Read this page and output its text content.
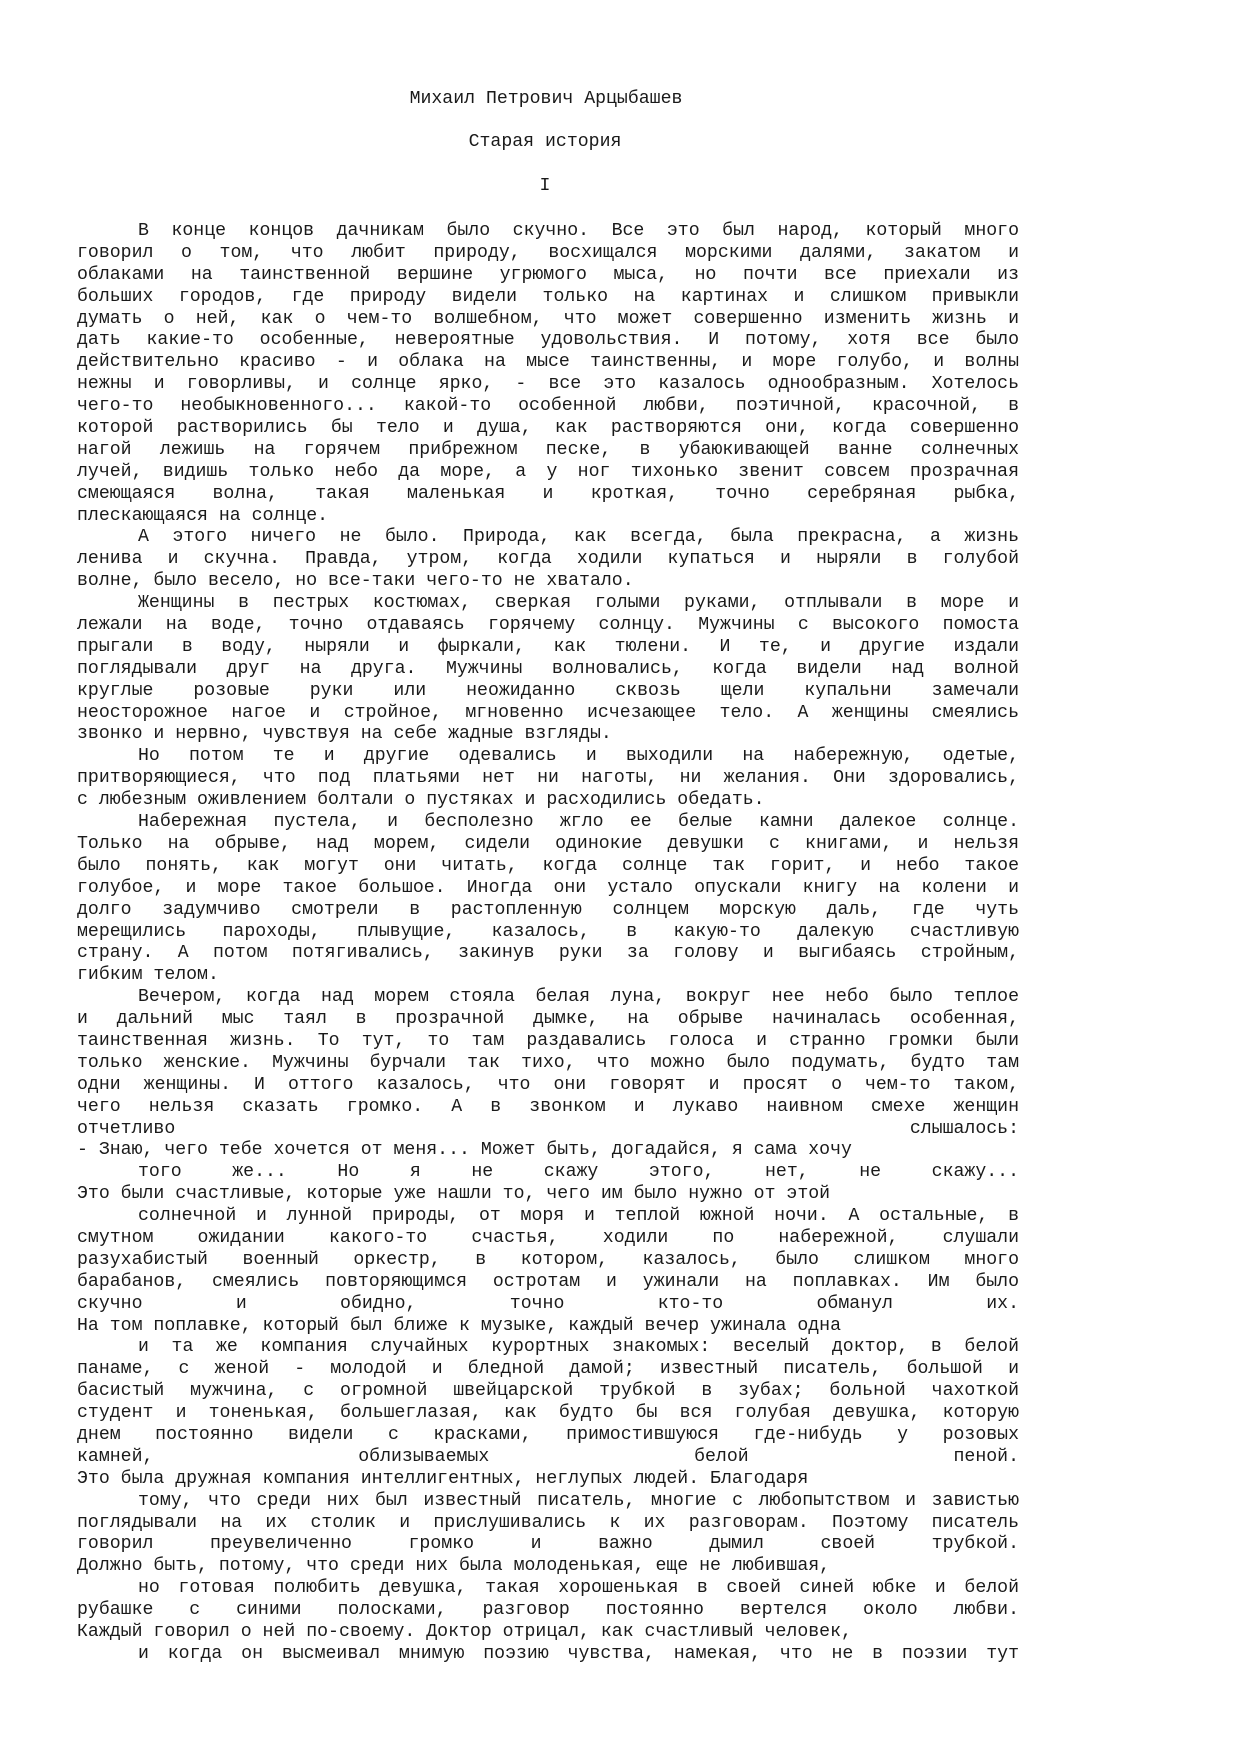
Михаил Петрович Арцыбашев
Старая история
I
В конце концов дачникам было скучно. Все это был народ, который много
говорил о том, что любит природу, восхищался морскими далями, закатом и
облаками на таинственной вершине угрюмого мыса, но почти все приехали из
больших городов, где природу видели только на картинах и слишком привыкли
думать о ней, как о чем-то волшебном, что может совершенно изменить жизнь и
дать какие-то особенные, невероятные удовольствия. И потому, хотя все было
действительно красиво - и облака на мысе таинственны, и море голубо, и волны
нежны и говорливы, и солнце ярко, - все это казалось однообразным. Хотелось
чего-то необыкновенного... какой-то особенной любви, поэтичной, красочной, в
которой растворились бы тело и душа, как растворяются они, когда совершенно
нагой лежишь на горячем прибрежном песке, в убаюкивающей ванне солнечных
лучей, видишь только небо да море, а у ног тихонько звенит совсем прозрачная
смеющаяся волна, такая маленькая и кроткая, точно серебряная рыбка,
плескающаяся на солнце.
А этого ничего не было. Природа, как всегда, была прекрасна, а жизнь
ленива и скучна. Правда, утром, когда ходили купаться и ныряли в голубой
волне, было весело, но все-таки чего-то не хватало.
Женщины в пестрых костюмах, сверкая голыми руками, отплывали в море и
лежали на воде, точно отдаваясь горячему солнцу. Мужчины с высокого помоста
прыгали в воду, ныряли и фыркали, как тюлени. И те, и другие издали
поглядывали друг на друга. Мужчины волновались, когда видели над волной
круглые розовые руки или неожиданно сквозь щели купальни замечали
неосторожное нагое и стройное, мгновенно исчезающее тело. А женщины смеялись
звонко и нервно, чувствуя на себе жадные взгляды.
Но потом те и другие одевались и выходили на набережную, одетые,
притворяющиеся, что под платьями нет ни наготы, ни желания. Они здоровались,
с любезным оживлением болтали о пустяках и расходились обедать.
Набережная пустела, и бесполезно жгло ее белые камни далекое солнце.
Только на обрыве, над морем, сидели одинокие девушки с книгами, и нельзя
было понять, как могут они читать, когда солнце так горит, и небо такое
голубое, и море такое большое. Иногда они устало опускали книгу на колени и
долго задумчиво смотрели в растопленную солнцем морскую даль, где чуть
мерещились пароходы, плывущие, казалось, в какую-то далекую счастливую
страну. А потом потягивались, закинув руки за голову и выгибаясь стройным,
гибким телом.
Вечером, когда над морем стояла белая луна, вокруг нее небо было теплое
и дальний мыс таял в прозрачной дымке, на обрыве начиналась особенная,
таинственная жизнь. То тут, то там раздавались голоса и странно громки были
только женские. Мужчины бурчали так тихо, что можно было подумать, будто там
одни женщины. И оттого казалось, что они говорят и просят о чем-то таком,
чего нельзя сказать громко. А в звонком и лукаво наивном смехе женщин
отчетливо слышалось:
- Знаю, чего тебе хочется от меня... Может быть, догадайся, я сама хочу
того же... Но я не скажу этого, нет, не скажу...
Это были счастливые, которые уже нашли то, чего им было нужно от этой
солнечной и лунной природы, от моря и теплой южной ночи. А остальные, в
смутном ожидании какого-то счастья, ходили по набережной, слушали
разухабистый военный оркестр, в котором, казалось, было слишком много
барабанов, смеялись повторяющимся остротам и ужинали на поплавках. Им было
скучно и обидно, точно кто-то обманул их.
На том поплавке, который был ближе к музыке, каждый вечер ужинала одна
и та же компания случайных курортных знакомых: веселый доктор, в белой
панаме, с женой - молодой и бледной дамой; известный писатель, большой и
басистый мужчина, с огромной швейцарской трубкой в зубах; больной чахоткой
студент и тоненькая, большеглазая, как будто бы вся голубая девушка, которую
днем постоянно видели с красками, примостившуюся где-нибудь у розовых
камней, облизываемых белой пеной.
Это была дружная компания интеллигентных, неглупых людей. Благодаря
тому, что среди них был известный писатель, многие с любопытством и завистью
поглядывали на их столик и прислушивались к их разговорам. Поэтому писатель
говорил преувеличенно громко и важно дымил своей трубкой.
Должно быть, потому, что среди них была молоденькая, еще не любившая,
но готовая полюбить девушка, такая хорошенькая в своей синей юбке и белой
рубашке с синими полосками, разговор постоянно вертелся около любви.
Каждый говорил о ней по-своему. Доктор отрицал, как счастливый человек,
и когда он высмеивал мнимую поэзию чувства, намекая, что не в поэзии тут
